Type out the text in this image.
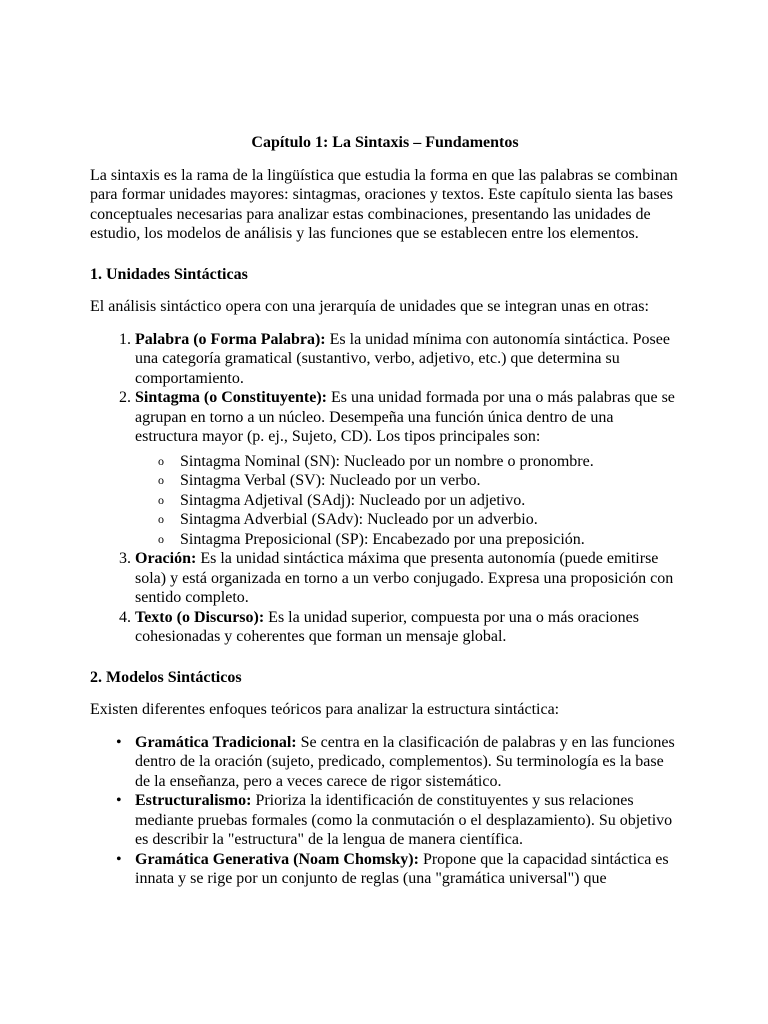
Capítulo 1: La Sintaxis – Fundamentos

La sintaxis es la rama de la lingüística que estudia la forma en que las palabras se combinan para formar unidades mayores: sintagmas, oraciones y textos. Este capítulo sienta las bases conceptuales necesarias para analizar estas combinaciones, presentando las unidades de estudio, los modelos de análisis y las funciones que se establecen entre los elementos.

1. Unidades Sintácticas

El análisis sintáctico opera con una jerarquía de unidades que se integran unas en otras:

1. Palabra (o Forma Palabra): Es la unidad mínima con autonomía sintáctica. Posee una categoría gramatical (sustantivo, verbo, adjetivo, etc.) que determina su comportamiento.
2. Sintagma (o Constituyente): Es una unidad formada por una o más palabras que se agrupan en torno a un núcleo. Desempeña una función única dentro de una estructura mayor (p. ej., Sujeto, CD). Los tipos principales son:
o Sintagma Nominal (SN): Nucleado por un nombre o pronombre.
o Sintagma Verbal (SV): Nucleado por un verbo.
o Sintagma Adjetival (SAdj): Nucleado por un adjetivo.
o Sintagma Adverbial (SAdv): Nucleado por un adverbio.
o Sintagma Preposicional (SP): Encabezado por una preposición.
3. Oración: Es la unidad sintáctica máxima que presenta autonomía (puede emitirse sola) y está organizada en torno a un verbo conjugado. Expresa una proposición con sentido completo.
4. Texto (o Discurso): Es la unidad superior, compuesta por una o más oraciones cohesionadas y coherentes que forman un mensaje global.
2. Modelos Sintácticos

Existen diferentes enfoques teóricos para analizar la estructura sintáctica:

• Gramática Tradicional: Se centra en la clasificación de palabras y en las funciones dentro de la oración (sujeto, predicado, complementos). Su terminología es la base de la enseñanza, pero a veces carece de rigor sistemático.
• Estructuralismo: Prioriza la identificación de constituyentes y sus relaciones mediante pruebas formales (como la conmutación o el desplazamiento). Su objetivo es describir la "estructura" de la lengua de manera científica.
• Gramática Generativa (Noam Chomsky): Propone que la capacidad sintáctica es innata y se rige por un conjunto de reglas (una "gramática universal") que
